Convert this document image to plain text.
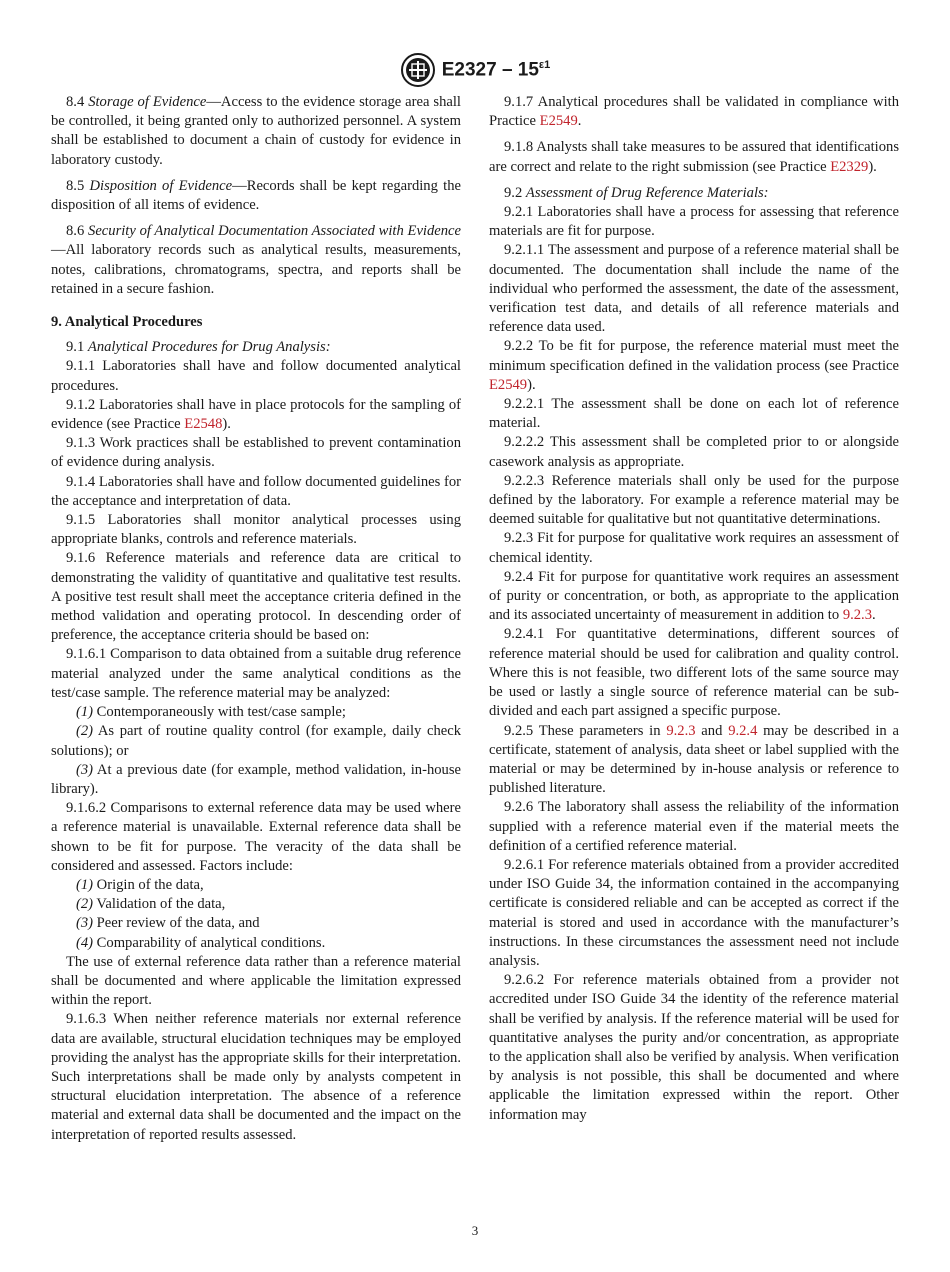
$E2327 - 15^{\varepsilon 1}$

8.4 Storage of Evidence—Access to the evidence storage area shall be controlled, it being granted only to authorized personnel. A system shall be established to document a chain of custody for evidence in laboratory custody.

8.5 Disposition of Evidence—Records shall be kept regarding the disposition of all items of evidence.

8.6 Security of Analytical Documentation Associated with Evidence—All laboratory records such as analytical results, measurements, notes, calibrations, chromatograms, spectra, and reports shall be retained in a secure fashion.

9. Analytical Procedures

9.1 Analytical Procedures for Drug Analysis:

9.1.1 Laboratories shall have and follow documented analytical procedures.

9.1.2 Laboratories shall have in place protocols for the sampling of evidence (see Practice E2548).

9.1.3 Work practices shall be established to prevent contamination of evidence during analysis.

9.1.4 Laboratories shall have and follow documented guidelines for the acceptance and interpretation of data.

9.1.5 Laboratories shall monitor analytical processes using appropriate blanks, controls and reference materials.

9.1.6 Reference materials and reference data are critical to demonstrating the validity of quantitative and qualitative test results. A positive test result shall meet the acceptance criteria defined in the method validation and operating protocol. In descending order of preference, the acceptance criteria should be based on:

9.1.6.1 Comparison to data obtained from a suitable drug reference material analyzed under the same analytical conditions as the test/case sample. The reference material may be analyzed:

(1) Contemporaneously with test/case sample;

(2) As part of routine quality control (for example, daily check solutions); or

(3) At a previous date (for example, method validation, in-house library).

9.1.6.2 Comparisons to external reference data may be used where a reference material is unavailable. External reference data shall be shown to be fit for purpose. The veracity of the data shall be considered and assessed. Factors include:

(1) Origin of the data,

(2) Validation of the data,

(3) Peer review of the data, and

(4) Comparability of analytical conditions.

The use of external reference data rather than a reference material shall be documented and where applicable the limitation expressed within the report.

9.1.6.3 When neither reference materials nor external reference data are available, structural elucidation techniques may be employed providing the analyst has the appropriate skills for their interpretation. Such interpretations shall be made only by analysts competent in structural elucidation interpretation. The absence of a reference material and external data shall be documented and the impact on the interpretation of reported results assessed.

9.1.7 Analytical procedures shall be validated in compliance with Practice E2549.

9.1.8 Analysts shall take measures to be assured that identifications are correct and relate to the right submission (see Practice E2329).

9.2 Assessment of Drug Reference Materials:

9.2.1 Laboratories shall have a process for assessing that reference materials are fit for purpose.

9.2.1.1 The assessment and purpose of a reference material shall be documented. The documentation shall include the name of the individual who performed the assessment, the date of the assessment, verification test data, and details of all reference materials and reference data used.

9.2.2 To be fit for purpose, the reference material must meet the minimum specification defined in the validation process (see Practice E2549).

9.2.2.1 The assessment shall be done on each lot of reference material.

9.2.2.2 This assessment shall be completed prior to or alongside casework analysis as appropriate.

9.2.2.3 Reference materials shall only be used for the purpose defined by the laboratory. For example a reference material may be deemed suitable for qualitative but not quantitative determinations.

9.2.3 Fit for purpose for qualitative work requires an assessment of chemical identity.

9.2.4 Fit for purpose for quantitative work requires an assessment of purity or concentration, or both, as appropriate to the application and its associated uncertainty of measurement in addition to 9.2.3.

9.2.4.1 For quantitative determinations, different sources of reference material should be used for calibration and quality control. Where this is not feasible, two different lots of the same source may be used or lastly a single source of reference material can be sub-divided and each part assigned a specific purpose.

9.2.5 These parameters in 9.2.3 and 9.2.4 may be described in a certificate, statement of analysis, data sheet or label supplied with the material or may be determined by in-house analysis or reference to published literature.

9.2.6 The laboratory shall assess the reliability of the information supplied with a reference material even if the material meets the definition of a certified reference material.

9.2.6.1 For reference materials obtained from a provider accredited under ISO Guide 34, the information contained in the accompanying certificate is considered reliable and can be accepted as correct if the material is stored and used in accordance with the manufacturer’s instructions. In these circumstances the assessment need not include analysis.

9.2.6.2 For reference materials obtained from a provider not accredited under ISO Guide 34 the identity of the reference material shall be verified by analysis. If the reference material will be used for quantitative analyses the purity and/or concentration, as appropriate to the application shall also be verified by analysis. When verification by analysis is not possible, this shall be documented and where applicable the limitation expressed within the report. Other information may

3
